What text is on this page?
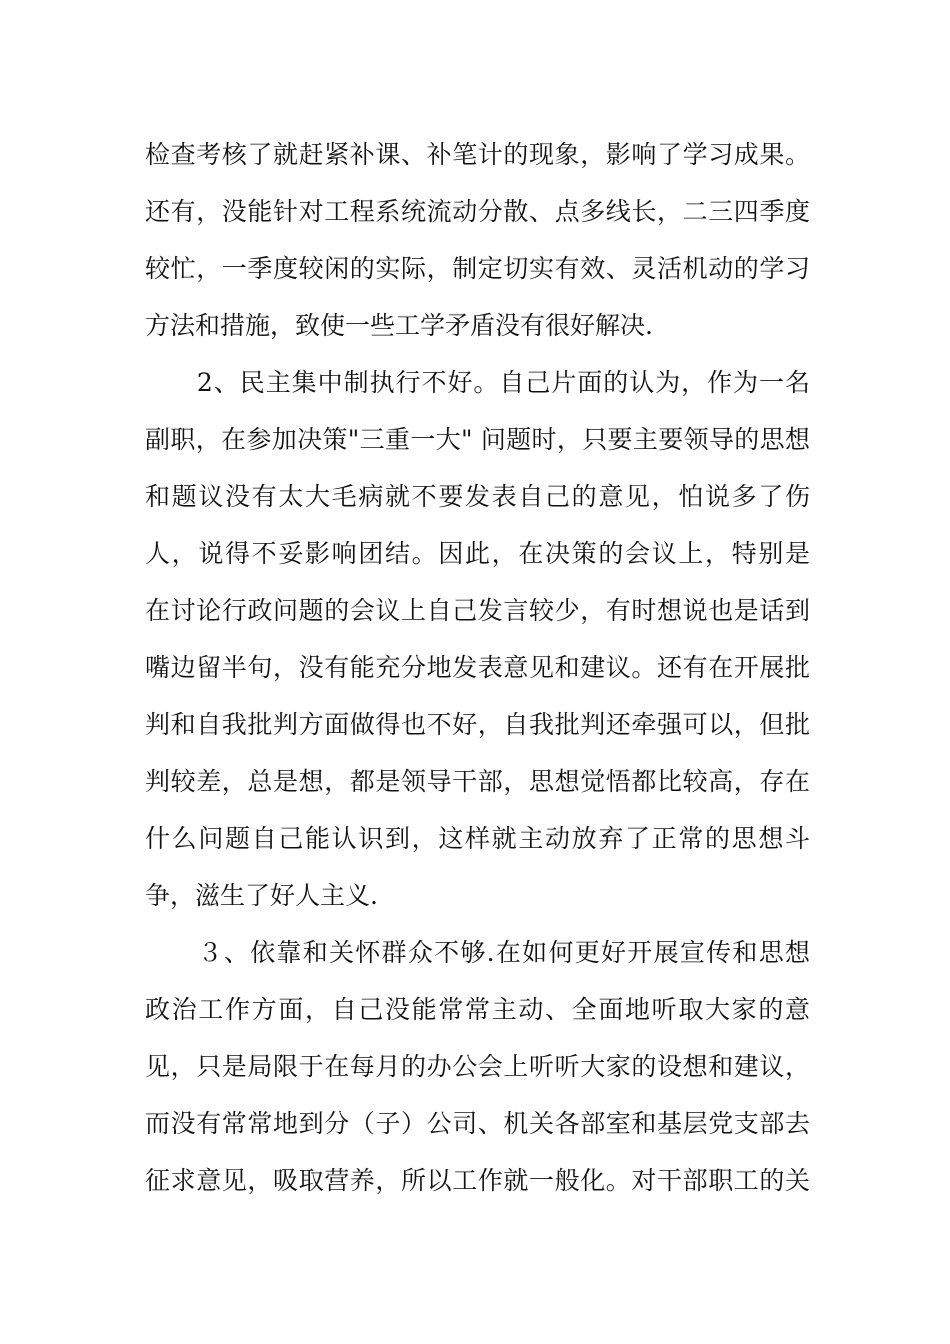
检查考核了就赶紧补课、补笔计的现象，影响了学习成果。
还有，没能针对工程系统流动分散、点多线长，二三四季度
较忙，一季度较闲的实际，制定切实有效、灵活机动的学习
方法和措施，致使一些工学矛盾没有很好解决.
　　2、民主集中制执行不好。自己片面的认为，作为一名
副职，在参加决策"三重一大" 问题时，只要主要领导的思想
和题议没有太大毛病就不要发表自己的意见，怕说多了伤
人，说得不妥影响团结。因此，在决策的会议上，特别是
在讨论行政问题的会议上自己发言较少，有时想说也是话到
嘴边留半句，没有能充分地发表意见和建议。还有在开展批
判和自我批判方面做得也不好，自我批判还牵强可以，但批
判较差，总是想，都是领导干部，思想觉悟都比较高，存在
什么问题自己能认识到，这样就主动放弃了正常的思想斗
争，滋生了好人主义.
　　３、依靠和关怀群众不够.在如何更好开展宣传和思想
政治工作方面，自己没能常常主动、全面地听取大家的意
见，只是局限于在每月的办公会上听听大家的设想和建议，
而没有常常地到分（子）公司、机关各部室和基层党支部去
征求意见，吸取营养，所以工作就一般化。对干部职工的关
